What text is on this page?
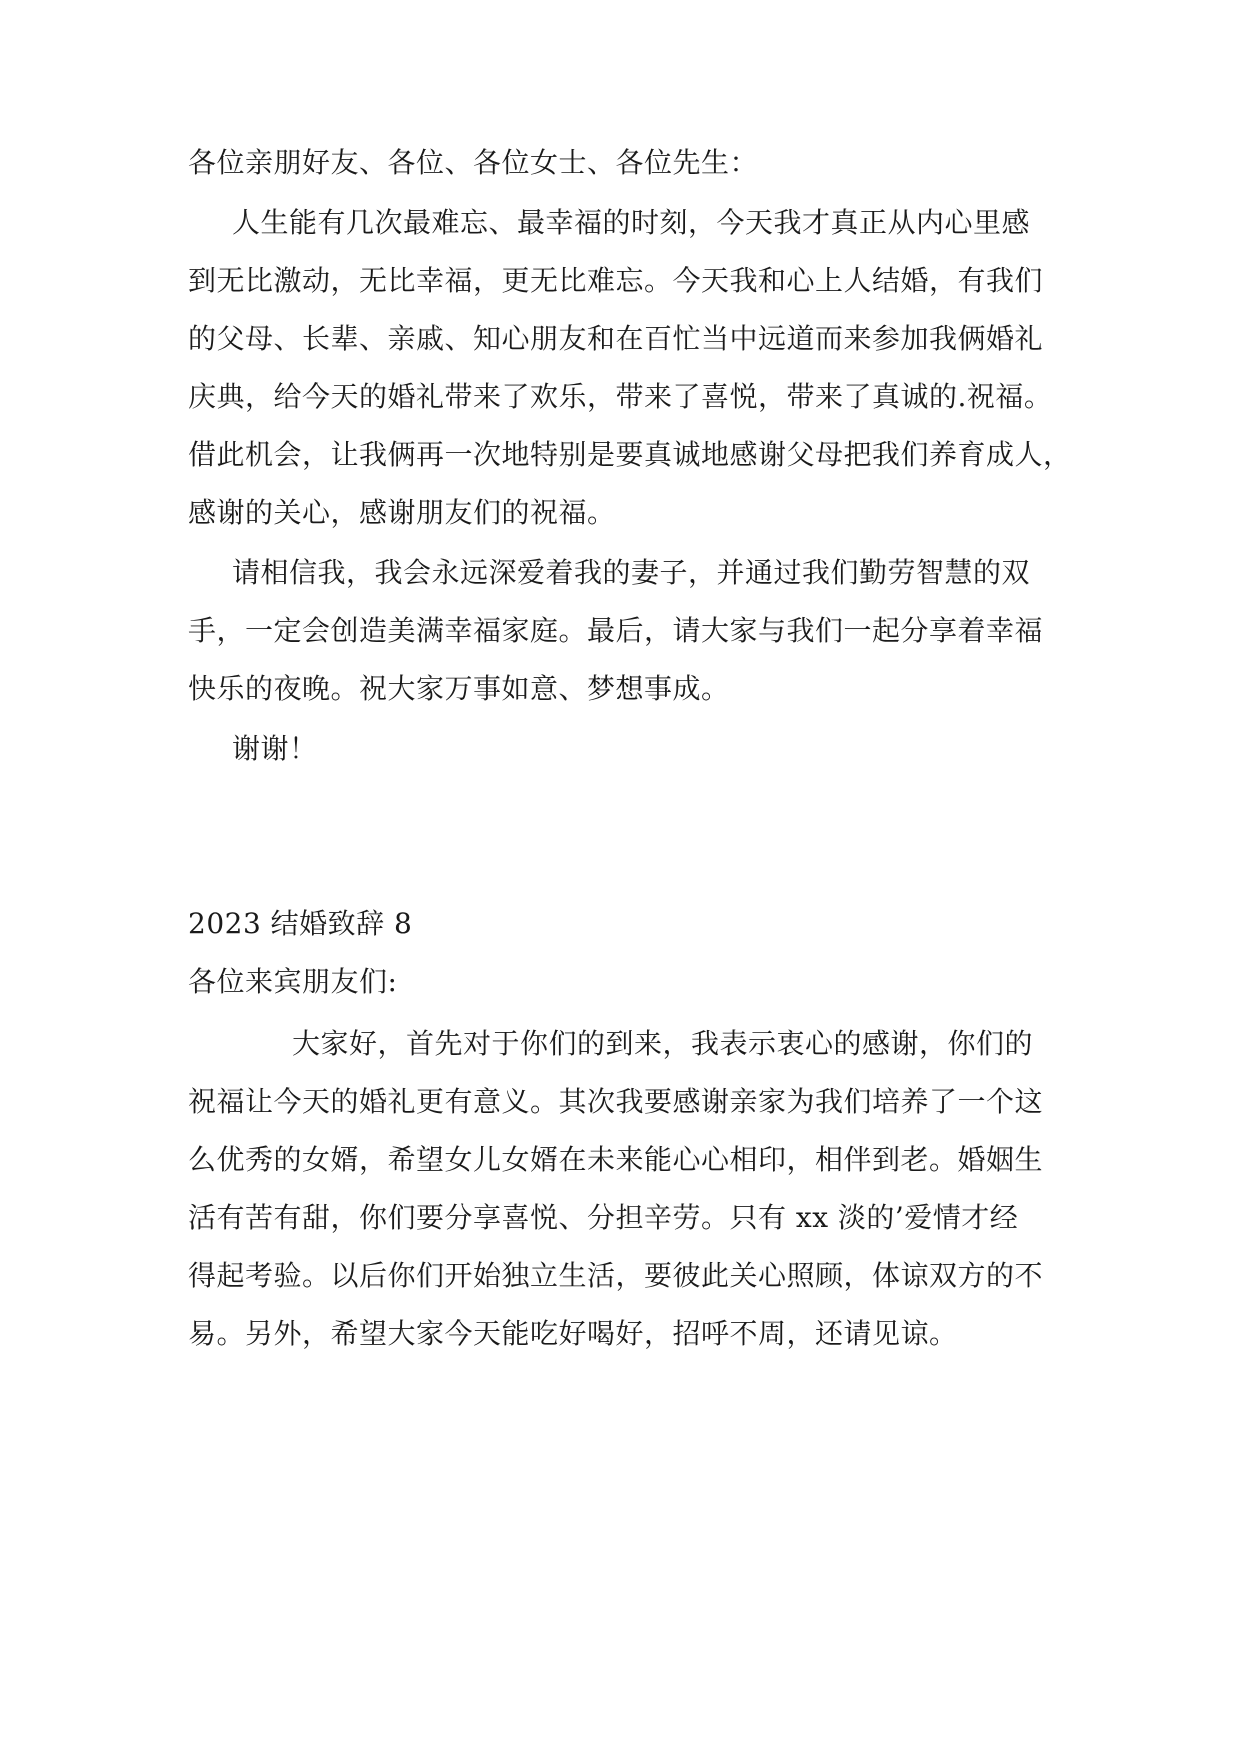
各位亲朋好友、各位、各位女士、各位先生：
人生能有几次最难忘、最幸福的时刻，今天我才真正从内心里感
到无比激动，无比幸福，更无比难忘。今天我和心上人结婚，有我们
的父母、长辈、亲戚、知心朋友和在百忙当中远道而来参加我俩婚礼
庆典，给今天的婚礼带来了欢乐，带来了喜悦，带来了真诚的.祝福。
借此机会，让我俩再一次地特别是要真诚地感谢父母把我们养育成人，
感谢的关心，感谢朋友们的祝福。
请相信我，我会永远深爱着我的妻子，并通过我们勤劳智慧的双
手，一定会创造美满幸福家庭。最后，请大家与我们一起分享着幸福
快乐的夜晚。祝大家万事如意、梦想事成。
谢谢！
2023 结婚致辞 8
各位来宾朋友们:
大家好，首先对于你们的到来，我表示衷心的感谢，你们的
祝福让今天的婚礼更有意义。其次我要感谢亲家为我们培养了一个这
么优秀的女婿，希望女儿女婿在未来能心心相印，相伴到老。婚姻生
活有苦有甜，你们要分享喜悦、分担辛劳。只有 xx 淡的’爱情才经
得起考验。以后你们开始独立生活，要彼此关心照顾，体谅双方的不
易。另外，希望大家今天能吃好喝好，招呼不周，还请见谅。
